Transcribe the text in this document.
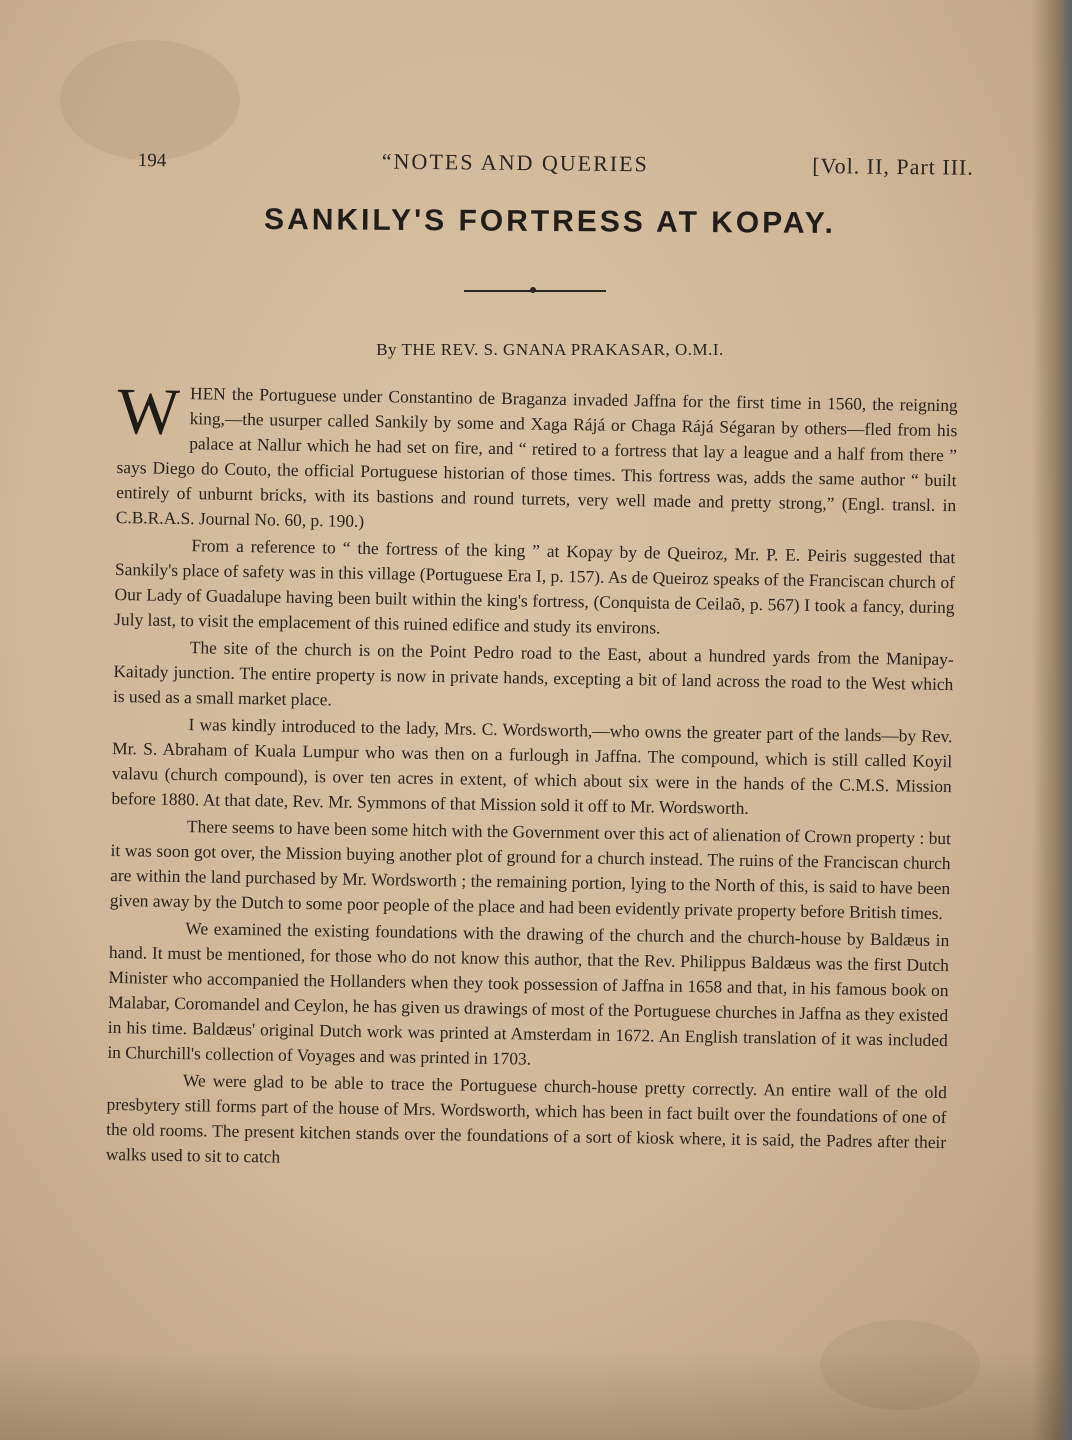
194	“NOTES AND QUERIES	[Vol. II, Part III.
SANKILY'S FORTRESS AT KOPAY.
By THE REV. S. GNANA PRAKASAR, O.M.I.

W HEN the Portuguese under Constantino de Braganza invaded Jaffna for the first time in 1560, the reigning king,—the usurper called Sankily by some and Xaga Rájá or Chaga Rájá Ségaran by others—fled from his palace at Nallur which he had set on fire, and “ retired to a fortress that lay a league and a half from there ” says Diego do Couto, the official Portuguese historian of those times. This fortress was, adds the same author “ built entirely of unburnt bricks, with its bastions and round turrets, very well made and pretty strong,” (Engl. transl. in C.B.R.A.S. Journal No. 60, p. 190.)

From a reference to “ the fortress of the king ” at Kopay by de Queiroz, Mr. P. E. Peiris suggested that Sankily's place of safety was in this village (Portuguese Era I, p. 157). As de Queiroz speaks of the Franciscan church of Our Lady of Guadalupe having been built within the king's fortress, (Conquista de Ceilaõ, p. 567) I took a fancy, during July last, to visit the emplacement of this ruined edifice and study its environs.

The site of the church is on the Point Pedro road to the East, about a hundred yards from the Manipay-Kaitady junction. The entire property is now in private hands, excepting a bit of land across the road to the West which is used as a small market place.

I was kindly introduced to the lady, Mrs. C. Wordsworth,—who owns the greater part of the lands—by Rev. Mr. S. Abraham of Kuala Lumpur who was then on a furlough in Jaffna. The compound, which is still called Koyil valavu (church compound), is over ten acres in extent, of which about six were in the hands of the C.M.S. Mission before 1880. At that date, Rev. Mr. Symmons of that Mission sold it off to Mr. Wordsworth.

There seems to have been some hitch with the Government over this act of alienation of Crown property : but it was soon got over, the Mission buying another plot of ground for a church instead. The ruins of the Franciscan church are within the land purchased by Mr. Wordsworth ; the remaining portion, lying to the North of this, is said to have been given away by the Dutch to some poor people of the place and had been evidently private property before British times.

We examined the existing foundations with the drawing of the church and the church-house by Baldæus in hand. It must be mentioned, for those who do not know this author, that the Rev. Philippus Baldæus was the first Dutch Minister who accompanied the Hollanders when they took possession of Jaffna in 1658 and that, in his famous book on Malabar, Coromandel and Ceylon, he has given us drawings of most of the Portuguese churches in Jaffna as they existed in his time. Baldæus' original Dutch work was printed at Amsterdam in 1672. An English translation of it was included in Churchill's collection of Voyages and was printed in 1703.

We were glad to be able to trace the Portuguese church-house pretty correctly. An entire wall of the old presbytery still forms part of the house of Mrs. Wordsworth, which has been in fact built over the foundations of one of the old rooms. The present kitchen stands over the foundations of a sort of kiosk where, it is said, the Padres after their walks used to sit to catch
